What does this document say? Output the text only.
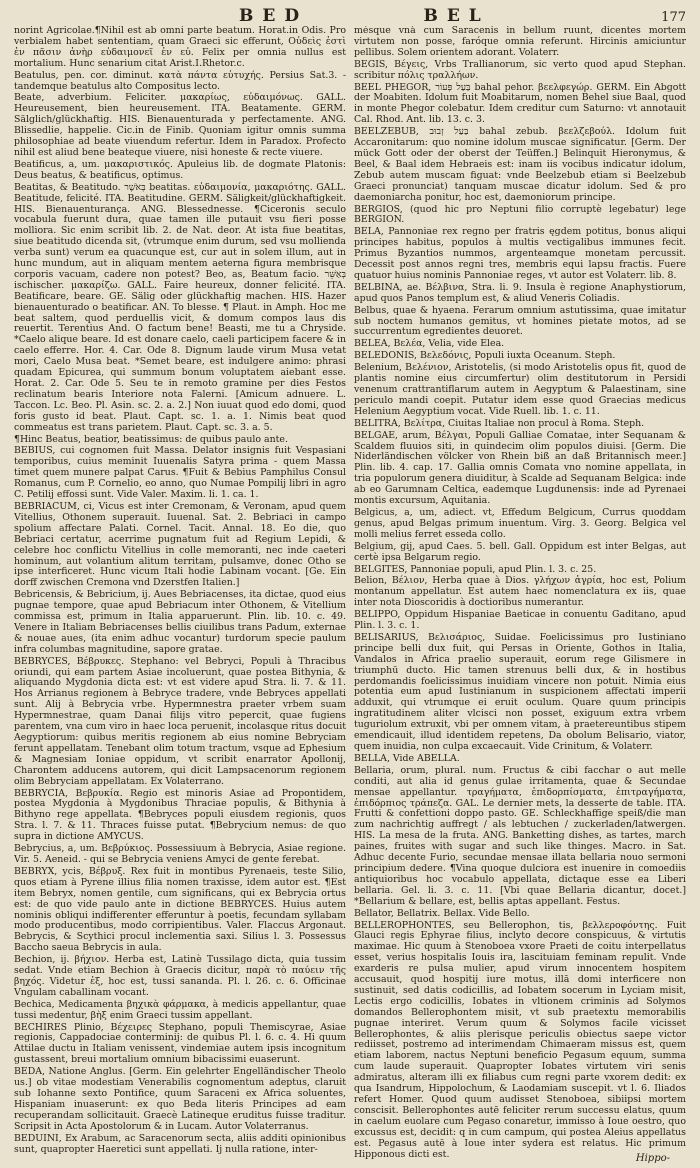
BED	BEL	177

norint Agricolae.¶Nihil est ab omni parte beatum. Horat.in Odis. Pro verbialem habet sententiam, quam Graeci sic efferunt, Οὐδεὶς ἐστὶ ἐν πᾶσιν ἀνὴρ εὐδαιμονεῖ ἐν εὐ. Felix per omnia nullus est mortalium. Hunc senarium citat Arist.I.Rhetor.c.

Beatulus, pen. cor. diminut. κατὰ πάντα εὐτυχής. Persius Sat.3. - tandemque beatulus alto Compositus lecto.

Beate, adverbium. Feliciter. μακαρίως, εὐδαιμόνως. GALL. Heureusement, bien heureusement. ITA. Beatamente. GERM. Sälglich/glückhaftig. HIS. Bienauenturada y perfectamente. ANG. Blissedlie, happelie. Cic.in de Finib. Quoniam igitur omnis summa philosophiae ad beate viuendum refertur. Idem in Paradox. Profecto nihil est aliud bene beateque viuere, nisi honeste & recte viuere.

Beatificus, a, um. μακαριστικός. Apuleius lib. de dogmate Platonis: Deus beatus, & beatificus, optimus.

Beatitas, & Beatitudo. בְּאֹשֶׁר beatitas. εὐδαιμονία, μακαριότης. GALL. Beatitude, felicité. ITA. Beatitudine. GERM. Säligkeit/glückhaftigkeit. HIS. Bienauenturança. ANG. Blessednesse. ¶Ciceronis seculo vocabula fuerunt dura, quae tamen ille putauit vsu fieri posse molliora. Sic enim scribit lib. 2. de Nat. deor. At ista fiue beatitas, siue beatitudo dicenda sit, (vtrumque enim durum, sed vsu mollienda verba sunt) verum ea quacunque est, cur aut in solem illum, aut in hunc mundum, aut in aliquam mentem aeterna figura membrisque corporis vacuam, cadere non potest? Beo, as, Beatum facio. בְּאַשֵּׁר ischischer. μακαρίζω. GALL. Faire heureux, donner felicité. ITA. Beatificare, beare. GE. Sälig oder glückhaftig machen. HIS. Hazer bienauenturado o beatificar. AN. To blesse. ¶ Plaut. in Amph. Hoc me beat saltem, quod perduellis vicit, & domum compos laus dis reuertit. Terentius And. O factum bene! Beasti, me tu a Chryside. *Caelo alique beare. Id est donare caelo, caeli participem facere & in caelo efferre. Hor. 4. Car. Ode 8. Dignum laude virum Musa vetat mori, Caelo Musa beat. *Semet beare, est indulgere animo: phrasi quadam Epicurea, qui summum bonum voluptatem aiebant esse. Horat. 2. Car. Ode 5. Seu te in remoto gramine per dies Festos reclinatum bearis Interiore nota Falerni. [Amicum adnuere. L. Taccon. Lc. Beo. Pl. Asin. sc. 2. a. 2.] Non iuuat quod edo domi, quod foris gusto id beat. Plaut. Capt. sc. 1. a. 1. Nimis beat quod commeatus est trans parietem. Plaut. Capt. sc. 3. a. 5.

¶Hinc Beatus, beatior, beatissimus: de quibus paulo ante.

BEBIUS, cui cognomen fuit Massa. Delator insignis fuit Vespasiani temporibus, cuius meminit Iuuenalis Satyra prima - quem Massa timet quem munere palpat Carus. ¶Fuit & Bebius Pamphilus Consul Romanus, cum P. Cornelio, eo anno, quo Numae Pompilij libri in agro C. Petilij effossi sunt. Vide Valer. Maxim. li. 1. ca. 1.

BEBRIACUM, ci, Vicus est inter Cremonam, & Veronam, apud quem Vitellius, Othonem superauit. Iuuenal. Sat. 2. Bebriaci in campo spolium affectare Palati. Cornel. Tacit. Annal. 18. Eo die, quo Bebriaci certatur, acerrime pugnatum fuit ad Regium Lepidi, & celebre hoc conflictu Vitellius in colle memoranti, nec inde caeteri hominum, aut volantium alitum territam, pulsamve, donec Otho se ipse interficeret. Hunc vicum Itali hodie Labinam vocant. [Ge. Ein dorff zwischen Cremona vnd Dzerstfen Italien.]

Bebricensis, & Bebricium, ij. Aues Bebriacenses, ita dictae, quod eius pugnae tempore, quae apud Bebriacum inter Othonem, & Vitellium commissa est, primum in Italia apparuerunt. Plin. lib. 10. c. 49. Venere in Italiam Bebriacenses bellis ciuilibus trans Padum, externae & nouae aues, (ita enim adhuc vocantur) turdorum specie paulum infra columbas magnitudine, sapore gratae.

BEBRYCES, Βέβρυκες. Stephano: vel Bebryci, Populi à Thracibus oriundi, qui eam partem Asiae incoluerunt, quae postea Bithynia, & aliquando Mygdonia dicta est: vt est videre apud Stra. li. 7. & 11. Hos Arrianus regionem à Bebryce tradere, vnde Bebryces appellati sunt. Alij à Bebrycia vrbe. Hypermnestra praeter vrbem suam Hypermnestrae, quam Danai filijs vitro pepercit, quae fugiens parentem, vna cum viro in haec loca peruenit, incolasque ritus docuit Aegyptiorum: quibus meritis regionem ab eius nomine Bebryciam ferunt appellatam. Tenebant olim totum tractum, vsque ad Ephesium & Magnesiam Ioniae oppidum, vt scribit enarrator Apollonij, Charontem adducens autorem, qui dicit Lampsacenorum regionem olim Bebryciam appellatam. Ex Volaterrano.

BEBRYCIA, Βεβρυκία. Regio est minoris Asiae ad Propontidem, postea Mygdonia à Mygdonibus Thraciae populis, & Bithynia à Bithyno rege appellata. ¶Bebryces populi eiusdem regionis, quos Stra. l. 7. & 11. Thraces fuisse putat. ¶Bebrycium nemus: de quo supra in dictione AMYCUS.

Bebrycius, a, um. Βεβρύκιος. Possessiuum à Bebrycia, Asiae regione. Vir. 5. Aeneid. - qui se Bebrycia veniens Amyci de gente ferebat.

BEBRYX, ycis, Βέβρυξ. Rex fuit in montibus Pyrenaeis, teste Silio, quos etiam à Pyrene illius filia nomen traxisse, idem autor est. ¶Est item Bebryx, nomen gentile, cum significans, qui ex Bebrycia ortus est: de quo vide paulo ante in dictione BEBRYCES. Huius autem nominis obliqui indifferenter efferuntur à poetis, fecundam syllabam modo producentibus, modo corripientibus. Valer. Flaccus Argonaut. Bebrycis, & Scythici procul inclementia saxi. Silius l. 3. Possessus Baccho saeua Bebrycis in aula.

Bechion, ij. βήχιον. Herba est, Latinè Tussilago dicta, quia tussim sedat. Vnde etiam Bechion à Graecis dicitur, παρὰ τὸ παύειν τῆς βηχός. Videtur ἐξ, hoc est, tussi sananda. Pl. l. 26. c. 6. Officinae Vngulam caballinam vocant.

Bechica, Medicamenta βηχικὰ φάρμακα, à medicis appellantur, quae tussi medentur, βὴξ enim Graeci tussim appellant.

BECHIRES Plinio, Βέχειρες Stephano, populi Themiscyrae, Asiae regionis, Cappadociae conterminij: de quibus Pl. l. 6. c. 4. Hi quum Attilae ductu in Italiam venissent, vindemiae autem ipsis incognitum gustassent, breui mortalium omnium bibacissimi euaserunt.

BEDA, Natione Anglus. [Germ. Ein gelehrter Engelländischer Theolo us.] ob vitae modestiam Venerabilis cognomentum adeptus, claruit sub Iohanne sexto Pontifice, quum Saraceni ex Africa soluentes, Hispaniam inuaserunt: ex quo Beda literis Principes ad eam recuperandam sollicitauit. Graecè Latineque eruditus fuisse traditur. Scripsit in Acta Apostolorum & in Lucam. Autor Volaterranus.

BEDUINI, Ex Arabum, ac Saracenorum secta, aliis additi opinionibus sunt, quapropter Haeretici sunt appellati. Ij nulla ratione, inter-

mésque vnà cum Saracenis in bellum ruunt, dicentes mortem virtutem non posse, faróque omnia referunt. Hircinis amiciuntur pellibus. Solem orientem adorant. Volaterr.

BEGIS, Βέγεις, Vrbs Trallianorum, sic verto quod apud Stephan. scribitur πόλις τραλλήων.

BEEL PHEGOR, בַּעַל פְּעוֹר bahal pehor. βεελφεγώρ. GERM. Ein Abgott der Moabiten. Idolum fuit Moabitarum, nomen Behel siue Baal, quod in monte Phegor colebatur. Idem creditur cum Saturno: vt annotauit Cal. Rhod. Ant. lib. 13. c. 3.

BEELZEBUB, בַּעַל זְבוּב bahal zebub. βεελζεβούλ. Idolum fuit Accaronitarum: quo nomine idolum muscae significatur. [Germ. Der mück Gott oder der oberst der Teüffen.] Belinquit Hieronymus, & Beel, & Baal idem Hebraeis est: inam iis vocibus indicatur idolum, Zebub autem muscam figuat: vnde Beelzebub etiam si Beelzebub Graeci pronunciat) tanquam muscae dicatur idolum. Sed & pro daemoniarcha ponitur, hoc est, daemoniorum principe.

BERGIOS, (quod hic pro Neptuni filio corruptè legebatur) lege BERGION.

BELA, Pannoniae rex regno per fratris ęgdem potitus, bonus aliqui principes habitus, populos à multis vectigalibus immunes fecit. Primus Byzantios nummos, argenteamque monetam percussit. Decessit post annos regni tres, membris equi lapsu fractis. Fuere quatuor huius nominis Pannoniae reges, vt autor est Volaterr. lib. 8.

BELBINA, ae. Βέλβινα, Stra. li. 9. Insula è regione Anaphystiorum, apud quos Panos templum est, & aliud Veneris Coliadis.

Belbus, quae & hyaena. Ferarum omnium astutissima, quae imitatur sub noctem humanos gemitus, vt homines pietate motos, ad se succurrentum egredientes deuoret.

BELEA, Βελέα, Velia, vide Elea.

BELEDONIS, Βελεδόνις, Populi iuxta Oceanum. Steph.

Belenium, Βελένιον, Aristotelis, (si modo Aristotelis opus fit, quod de plantis nomine eius circumfertur) olim destitutorum in Persidi venenum crattrantiflarum autem in Aegyptum & Palaestinam, sine periculo mandi coepit. Putatur idem esse quod Graecias medicus Helenium Aegyptium vocat. Vide Ruell. lib. 1. c. 11.

BELITRA, Βελίτρα, Ciuitas Italiae non procul à Roma. Steph.

BELGAE, arum, Βέλγαι, Populi Galliae Comatae, inter Sequanam & Scaldem fluuios siti, in quindecim olim populos diuisi. [Germ. Die Niderländischen völcker von Rhein biß an daß Britannisch meer.] Plin. lib. 4. cap. 17. Gallia omnis Comata vno nomine appellata, in tria populorum genera diuiditur, à Scalde ad Sequanam Belgica: inde ab eo Garumnam Celtica, eademque Lugdunensis: inde ad Pyrenaei montis excursum, Aquitania.

Belgicus, a, um, adiect. vt, Effedum Belgicum, Currus quoddam genus, apud Belgas primum inuentum. Virg. 3. Georg. Belgica vel molli melius ferret esseda collo.

Belgium, gij, apud Caes. 5. bell. Gall. Oppidum est inter Belgas, aut certè ipsa Belgarum regio.

BELGITES, Pannoniae populi, apud Plin. l. 3. c. 25.

Belion, Βέλιον, Herba quae à Dios. γλήχων ἀγρία, hoc est, Polium montanum appellatur. Est autem haec nomenclatura ex iis, quae inter nota Dioscoridis à doctioribus numerantur.

BELIPPO, Oppidum Hispaniae Baeticae in conuentu Gaditano, apud Plin. l. 3. c. 1.

BELISARIUS, Βελισάριος, Suidae. Foelicissimus pro Iustiniano principe belli dux fuit, qui Persas in Oriente, Gothos in Italia, Vandalos in Africa praelio superauit, eorum rege Gilismere in triumphū ducto. Hic tamen strenuus belli dux, & in hostibus perdomandis foelicissimus inuidiam vincere non potuit. Nimia eius potentia eum apud Iustinianum in suspicionem affectati imperii adduxit, qui vtrumque ei eruit oculum. Quare quum principis ingratitudinem aliter vlcisci non posset, exiguum extra vrbem tuguriolum extruxit, vbi per omnem vitam, à praetereuntibus stipem emendicauit, illud identidem repetens, Da obolum Belisario, viator, quem inuidia, non culpa excaecauit. Vide Crinitum, & Volaterr.

BELLA, Vide ABELLA.

Bellaria, orum, plural. num. Fructus & cibi facchar o aut melle conditi, aut alia id genus gulae irritamenta, quae & Secundae mensae appellantur. τραγήματα, ἐπιδορπίσματα, ἐπιτραγήματα, ἐπιδόρπιος τράπεζα. GAL. Le dernier mets, la desserte de table. ITA. Frutti & confettioni doppo pasto. GE. Schleckhaffige speiß/die man zum nachrichtig auffregt / als lebtuchen / zuckerladen/latwergen. HIS. La mesa de la fruta. ANG. Banketting dishes, as tartes, march paines, fruites with sugar and such like thinges. Macro. in Sat. Adhuc decente Furio, secundae mensae illata bellaria nouo sermoni principium dedere. ¶Vina quoque dulciora est inuenire in comoediis antiquioribus hoc vocabulo appellata, dictaque esse ea Liberi bellaria. Gel. li. 3. c. 11. [Vbi quae Bellaria dicantur, docet.] *Bellarium & bellare, est, bellis aptas appellant. Festus.

Bellator, Bellatrix. Bellax. Vide Bello.

BELLEROPHONTES, seu Bellerophon, tis, βελλεροφόντης. Fuit Glauci regis Ephyrae filius, inclyto decore conspicuus, & virtutis maximae. Hic quum à Stenoboea vxore Praeti de coitu interpellatus esset, verius hospitalis Iouis ira, lascituiam feminam repulit. Vnde exarderis re pulsa mulier, apud virum innocentem hospitem accusauit, quod hospitij iure motus, illā domi interficere non sustinuit, sed datis codicillis, ad Iobatem socerum in Lyciam misit, Lectis ergo codicillis, Iobates in vltionem criminis ad Solymos domandos Bellerophontem misit, vt sub praetextu memorabilis pugnae interiret. Verum quum & Solymos facile vicisset Bellerophontes, & aliis plerisque periculis obiectus saepe victor rediisset, postremo ad interimendam Chimaeram missus est, quem etiam laborem, nactus Neptuni beneficio Pegasum equum, summa cum laude superauit. Quapropter Iobates virtutem viri senis admiratus, alteram illi ex filiabus cum regni parte vxorem dedit: ex qua Isandrum, Hippolochum, & Laodamiam suscepit. vt l. 6. Iliados refert Homer. Quod quum audisset Stenoboea, sibiipsi mortem conscisit. Bellerophontes autē feliciter rerum successu elatus, quum in caelum euolare cum Pegaso conaretur, immisso à Ioue oestro, quo excussus est, decidit: q in cum campum, qui postea Aleius appellatus est. Pegasus autē à Ioue inter sydera est relatus. Hic primum Hipponous dicti est.	Hippo-
